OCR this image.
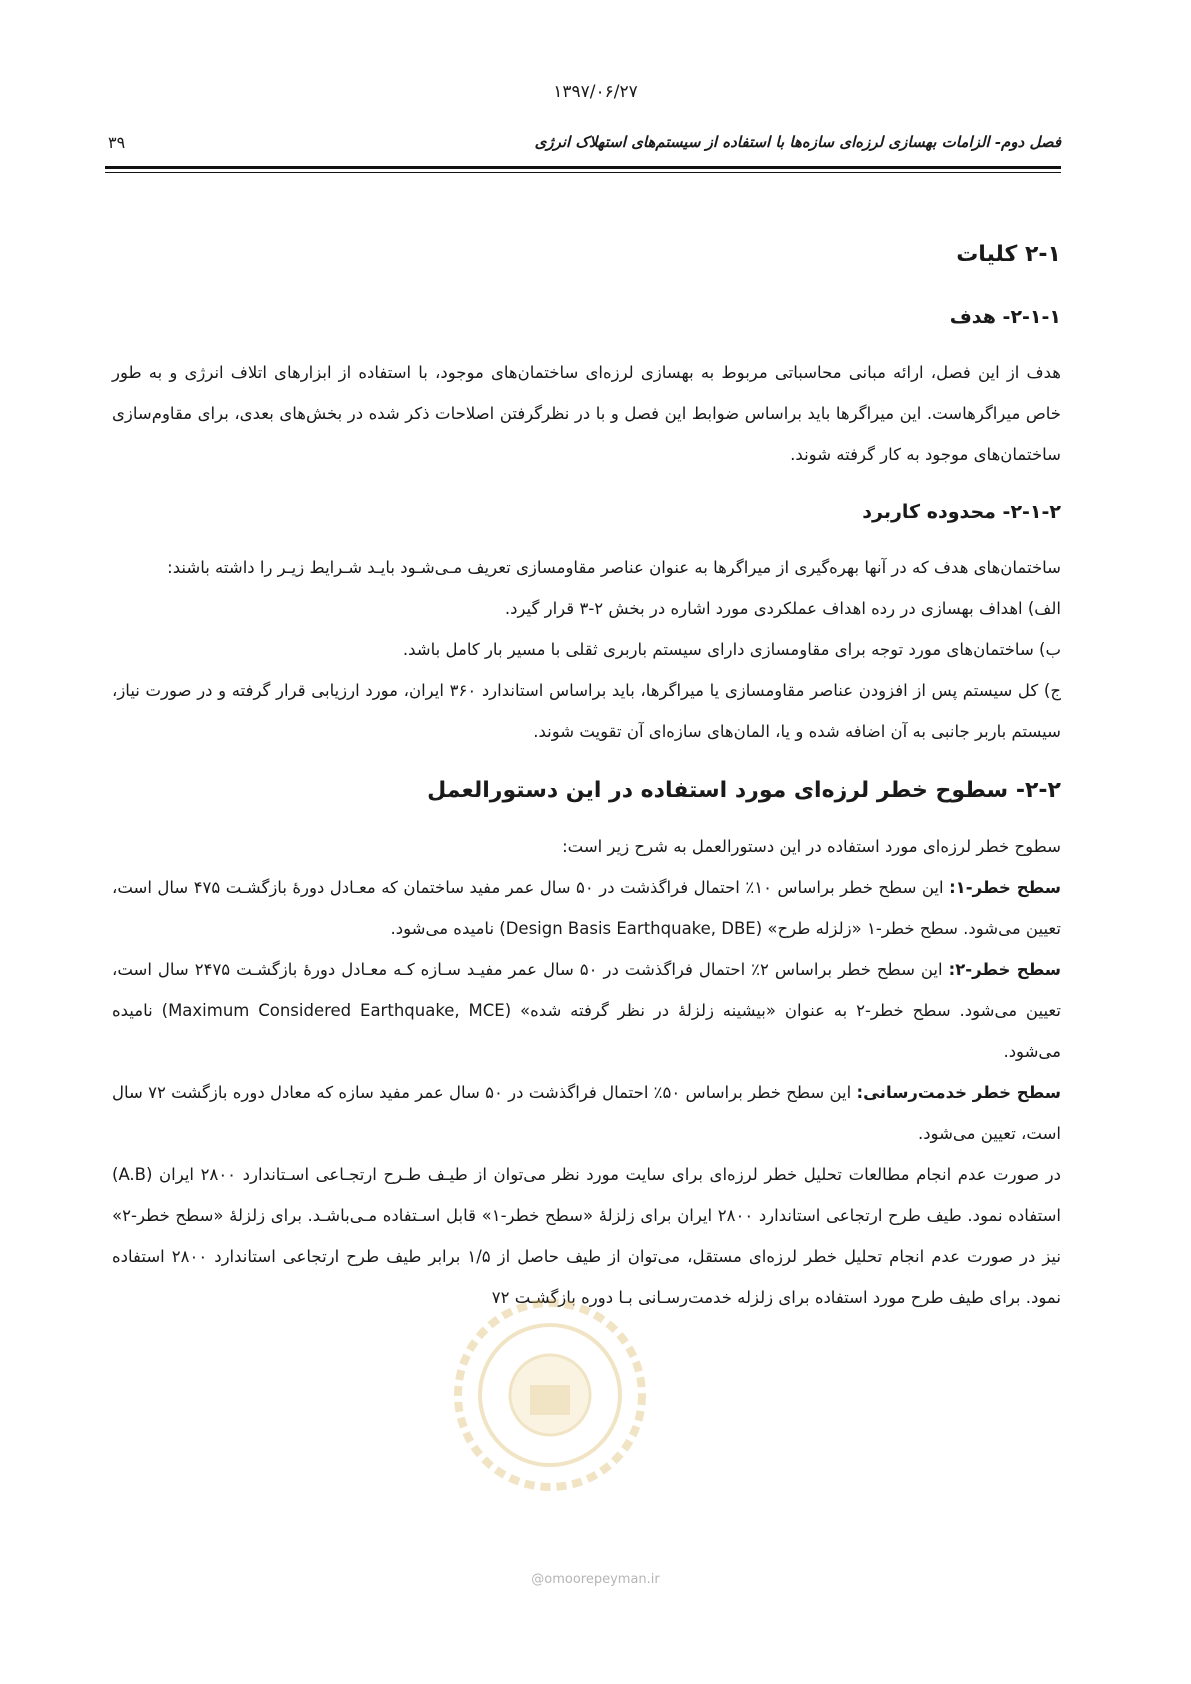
۱۳۹۷/۰۶/۲۷
فصل دوم- الزامات بهسازی لرزه‌ای سازه‌ها با استفاده از سیستم‌های استهلاک انرژی
۳۹
۲-۱ کلیات
۲-۱-۱- هدف

هدف از این فصل، ارائه مبانی محاسباتی مربوط به بهسازی لرزه‌ای ساختمان‌های موجود، با استفاده از ابزارهای اتلاف انرژی و به طور خاص میراگرهاست. این میراگرها باید براساس ضوابط این فصل و با در نظرگرفتن اصلاحات ذکر شده در بخش‌های بعدی، برای مقاوم‌سازی ساختمان‌های موجود به کار گرفته شوند.

۲-۱-۲- محدوده کاربرد

ساختمان‌های هدف که در آنها بهره‌گیری از میراگرها به عنوان عناصر مقاومسازی تعریف مـی‌شـود بایـد شـرایط زیـر را داشته باشند:

الف) اهداف بهسازی در رده اهداف عملکردی مورد اشاره در بخش ۲-۳ قرار گیرد.

ب) ساختمان‌های مورد توجه برای مقاومسازی دارای سیستم باربری ثقلی با مسیر بار کامل باشد.

ج) کل سیستم پس از افزودن عناصر مقاومسازی یا میراگرها، باید براساس استاندارد ۳۶۰ ایران، مورد ارزیابی قرار گرفته و در صورت نیاز، سیستم باربر جانبی به آن اضافه شده و یا، المان‌های سازه‌ای آن تقویت شوند.

۲-۲- سطوح خطر لرزه‌ای مورد استفاده در این دستورالعمل

سطوح خطر لرزه‌ای مورد استفاده در این دستورالعمل به شرح زیر است:

سطح خطر-۱: این سطح خطر براساس ۱۰٪ احتمال فراگذشت در ۵۰ سال عمر مفید ساختمان که معـادل دورهٔ بازگشـت ۴۷۵ سال است، تعیین می‌شود. سطح خطر-۱ «زلزله طرح» (Design Basis Earthquake, DBE) نامیده می‌شود.

سطح خطر-۲: این سطح خطر براساس ۲٪ احتمال فراگذشت در ۵۰ سال عمر مفیـد سـازه کـه معـادل دورهٔ بازگشـت ۲۴۷۵ سال است، تعیین می‌شود. سطح خطر-۲ به عنوان «بیشینه زلزلهٔ در نظر گرفته شده» (Maximum Considered Earthquake, MCE) نامیده می‌شود.

سطح خطر خدمت‌رسانی: این سطح خطر براساس ۵۰٪ احتمال فراگذشت در ۵۰ سال عمر مفید سازه که معادل دوره بازگشت ۷۲ سال است، تعیین می‌شود.

در صورت عدم انجام مطالعات تحلیل خطر لرزه‌ای برای سایت مورد نظر می‌توان از طیـف طـرح ارتجـاعی اسـتاندارد ۲۸۰۰ ایران (A.B) استفاده نمود. طیف طرح ارتجاعی استاندارد ۲۸۰۰ ایران برای زلزلهٔ «سطح خطر-۱» قابل اسـتفاده مـی‌باشـد. برای زلزلهٔ «سطح خطر-۲» نیز در صورت عدم انجام تحلیل خطر لرزه‌ای مستقل، می‌توان از طیف حاصل از ۱/۵ برابر طیف طرح ارتجاعی استاندارد ۲۸۰۰ استفاده نمود. برای طیف طرح مورد استفاده برای زلزله خدمت‌رسـانی بـا دوره بازگشـت ۷۲

@omoorepeyman.ir
